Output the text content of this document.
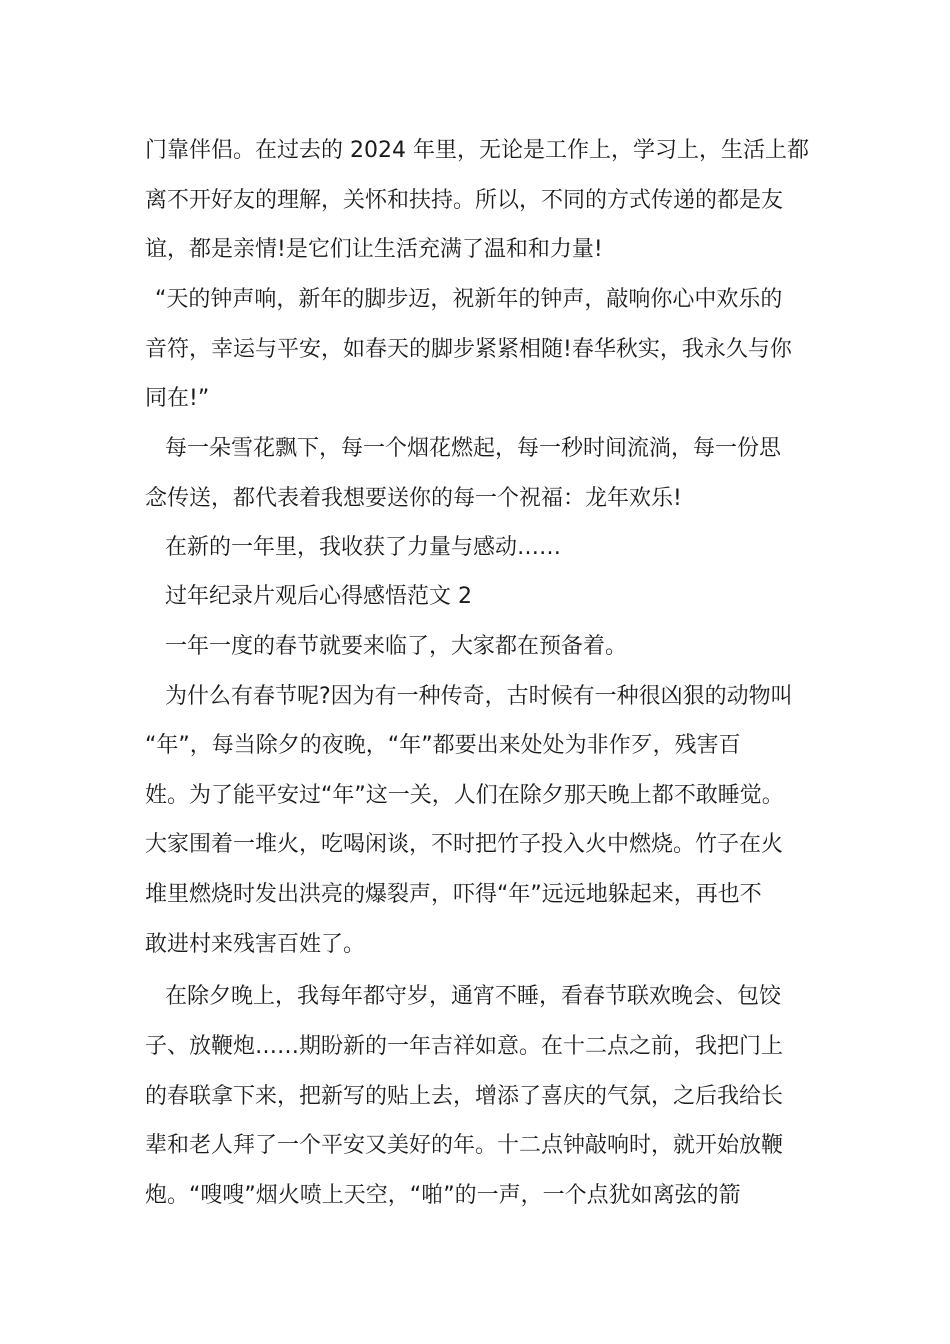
门靠伴侣。在过去的 2024 年里，无论是工作上，学习上，生活上都
离不开好友的理解，关怀和扶持。所以，不同的方式传递的都是友
谊，都是亲情!是它们让生活充满了温和和力量!
“天的钟声响，新年的脚步迈，祝新年的钟声，敲响你心中欢乐的
音符，幸运与平安，如春天的脚步紧紧相随!春华秋实，我永久与你
同在!”
每一朵雪花飘下，每一个烟花燃起，每一秒时间流淌，每一份思
念传送，都代表着我想要送你的每一个祝福：龙年欢乐!
在新的一年里，我收获了力量与感动……
过年纪录片观后心得感悟范文 2
一年一度的春节就要来临了，大家都在预备着。
为什么有春节呢?因为有一种传奇，古时候有一种很凶狠的动物叫
“年”，每当除夕的夜晚，“年”都要出来处处为非作歹，残害百
姓。为了能平安过“年”这一关，人们在除夕那天晚上都不敢睡觉。
大家围着一堆火，吃喝闲谈，不时把竹子投入火中燃烧。竹子在火
堆里燃烧时发出洪亮的爆裂声，吓得“年”远远地躲起来，再也不
敢进村来残害百姓了。
在除夕晚上，我每年都守岁，通宵不睡，看春节联欢晚会、包饺
子、放鞭炮……期盼新的一年吉祥如意。在十二点之前，我把门上
的春联拿下来，把新写的贴上去，增添了喜庆的气氛，之后我给长
辈和老人拜了一个平安又美好的年。十二点钟敲响时，就开始放鞭
炮。“嗖嗖”烟火喷上天空，“啪”的一声，一个点犹如离弦的箭
